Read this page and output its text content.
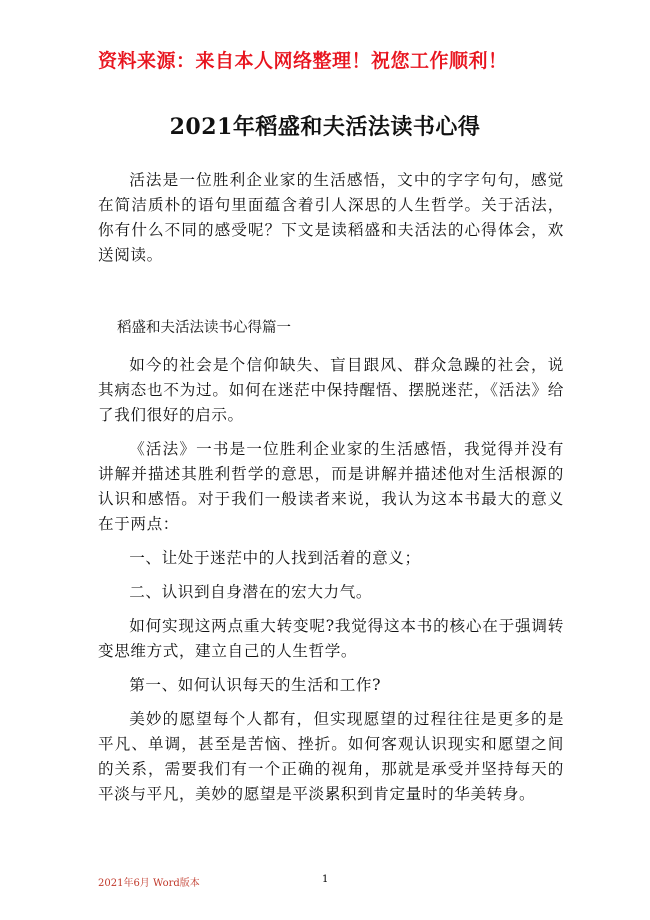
资料来源：来自本人网络整理！祝您工作顺利！
2021年稻盛和夫活法读书心得

活法是一位胜利企业家的生活感悟，文中的字字句句，感觉在简洁质朴的语句里面蕴含着引人深思的人生哲学。关于活法，你有什么不同的感受呢？下文是读稻盛和夫活法的心得体会，欢送阅读。

稻盛和夫活法读书心得篇一

如今的社会是个信仰缺失、盲目跟风、群众急躁的社会，说其病态也不为过。如何在迷茫中保持醒悟、摆脱迷茫，《活法》给了我们很好的启示。

《活法》一书是一位胜利企业家的生活感悟，我觉得并没有讲解并描述其胜利哲学的意思，而是讲解并描述他对生活根源的认识和感悟。对于我们一般读者来说，我认为这本书最大的意义在于两点：

一、让处于迷茫中的人找到活着的意义；

二、认识到自身潜在的宏大力气。

如何实现这两点重大转变呢?我觉得这本书的核心在于强调转变思维方式，建立自己的人生哲学。

第一、如何认识每天的生活和工作?

美妙的愿望每个人都有，但实现愿望的过程往往是更多的是平凡、单调，甚至是苦恼、挫折。如何客观认识现实和愿望之间的关系，需要我们有一个正确的视角，那就是承受并坚持每天的平淡与平凡，美妙的愿望是平淡累积到肯定量时的华美转身。

2021年6月 Word版本	1
